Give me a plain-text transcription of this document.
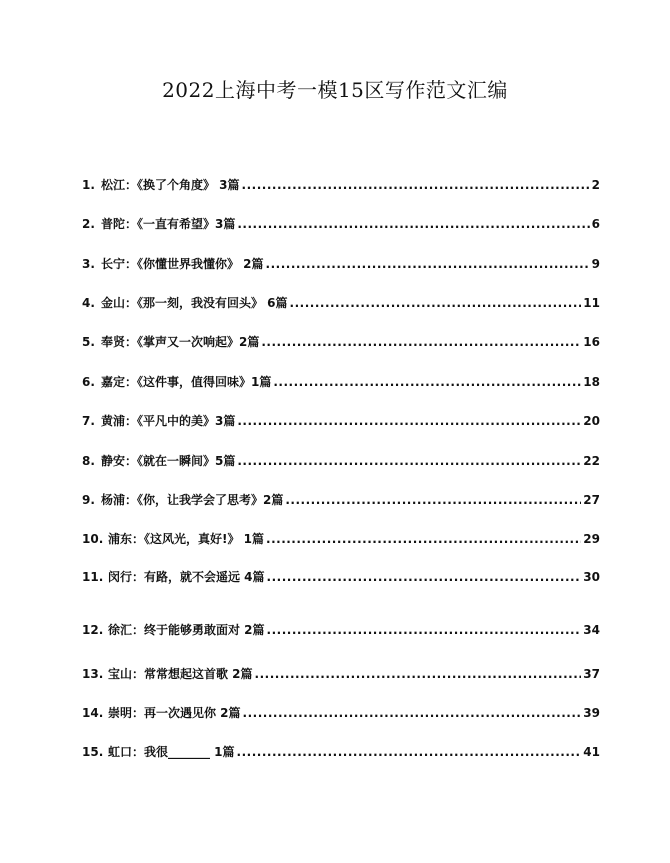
2022上海中考一模15区写作范文汇编
1. 松江：《换了个角度》 3篇 .....	2
2. 普陀：《一直有希望》3篇 .....	6
3. 长宁：《你懂世界我懂你》 2篇 .....	9
4. 金山：《那一刻，我没有回头》 6篇 .....	11
5. 奉贤：《掌声又一次响起》2篇 .....	16
6. 嘉定：《这件事，值得回味》1篇 .....	18
7. 黄浦：《平凡中的美》3篇 .....	20
8. 静安：《就在一瞬间》5篇 .....	22
9. 杨浦：《你，让我学会了思考》2篇 .....	27
10. 浦东：《这风光，真好!》 1篇 .....	29
11. 闵行：有路，就不会遥远 4篇 .....	30
12. 徐汇：终于能够勇敢面对 2篇 .....	34
13. 宝山：常常想起这首歌 2篇 .....	37
14. 崇明：再一次遇见你 2篇 .....	39
15. 虹口：我很_______ 1篇 .....	41
